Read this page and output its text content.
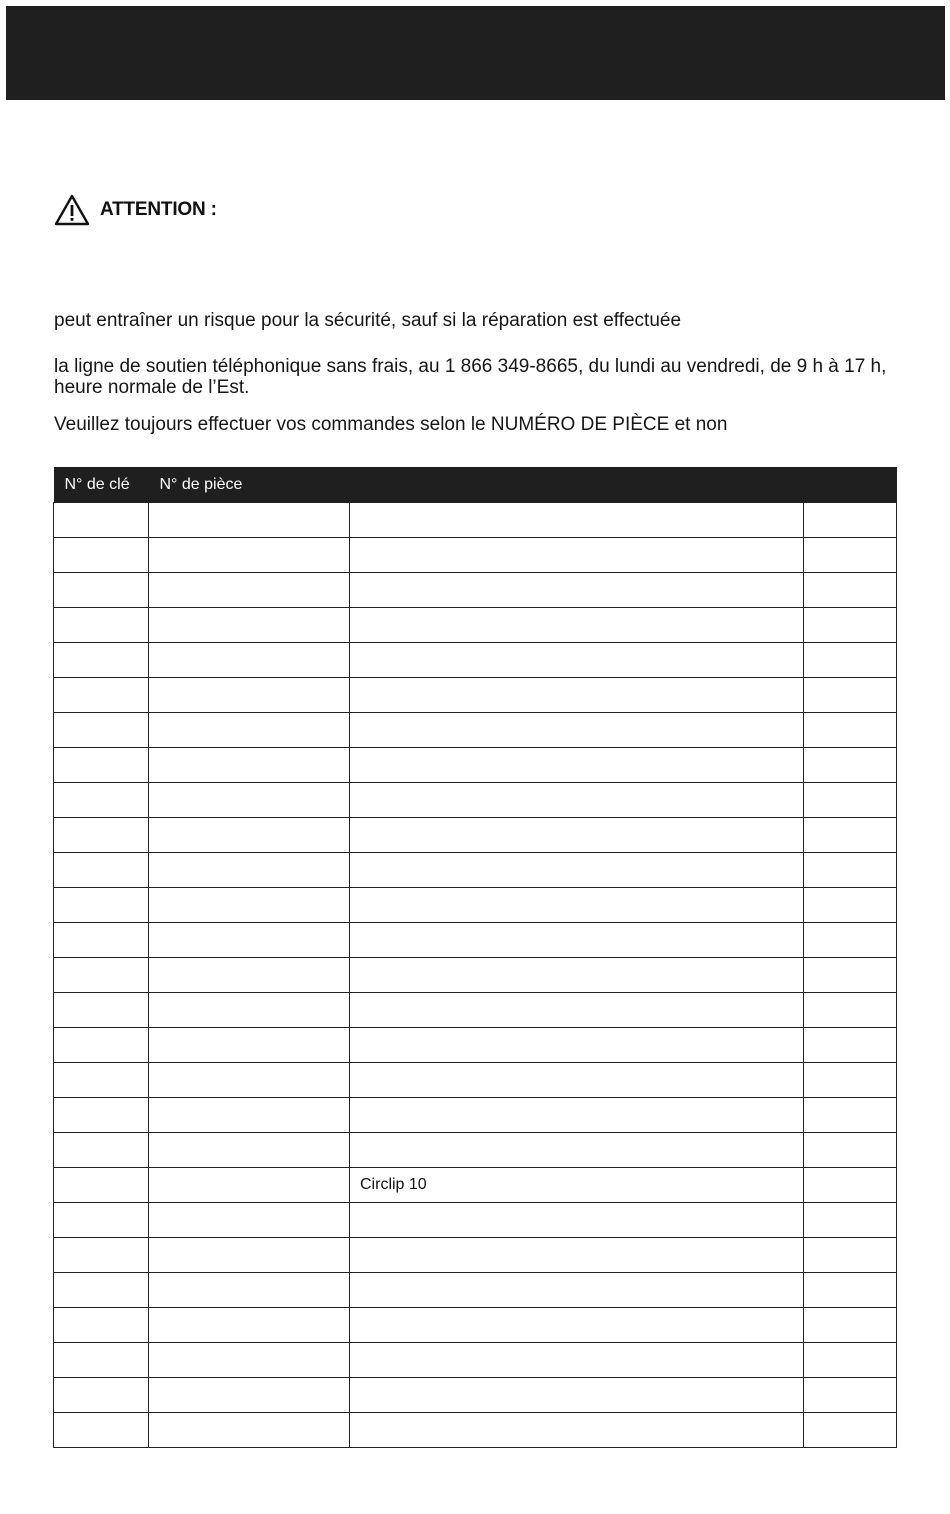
ATTENTION :
peut entraîner un risque pour la sécurité, sauf si la réparation est effectuée
la ligne de soutien téléphonique sans frais, au 1 866 349-8665, du lundi au vendredi, de 9 h à 17 h, heure normale de l’Est.
Veuillez toujours effectuer vos commandes selon le NUMÉRO DE PIÈCE et non
N° de clé	N° de pièce		

		Circlip 10	
